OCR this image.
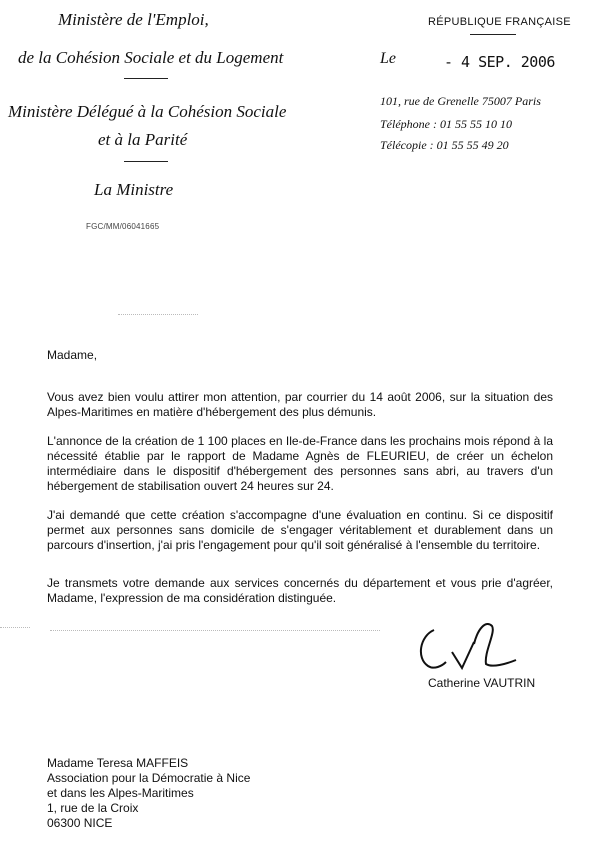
Ministère de l'Emploi,
de la Cohésion Sociale et du Logement
Ministère Délégué à la Cohésion Sociale
et à la Parité
La Ministre
FGC/MM/06041665
RÉPUBLIQUE FRANÇAISE
Le	- 4 SEP. 2006
101, rue de Grenelle 75007 Paris
Téléphone : 01 55 55 10 10
Télécopie : 01 55 55 49 20
Madame,

Vous avez bien voulu attirer mon attention, par courrier du 14 août 2006, sur la situation des Alpes-Maritimes en matière d'hébergement des plus démunis.

L'annonce de la création de 1 100 places en Ile-de-France dans les prochains mois répond à la nécessité établie par le rapport de Madame Agnès de FLEURIEU, de créer un échelon intermédiaire dans le dispositif d'hébergement des personnes sans abri, au travers d'un hébergement de stabilisation ouvert 24 heures sur 24.

J'ai demandé que cette création s'accompagne d'une évaluation en continu. Si ce dispositif permet aux personnes sans domicile de s'engager véritablement et durablement dans un parcours d'insertion, j'ai pris l'engagement pour qu'il soit généralisé à l'ensemble du territoire.

Je transmets votre demande aux services concernés du département et vous prie d'agréer, Madame, l'expression de ma considération distinguée.

Catherine VAUTRIN
Madame Teresa MAFFEIS
Association pour la Démocratie à Nice
et dans les Alpes-Maritimes
1, rue de la Croix
06300 NICE
